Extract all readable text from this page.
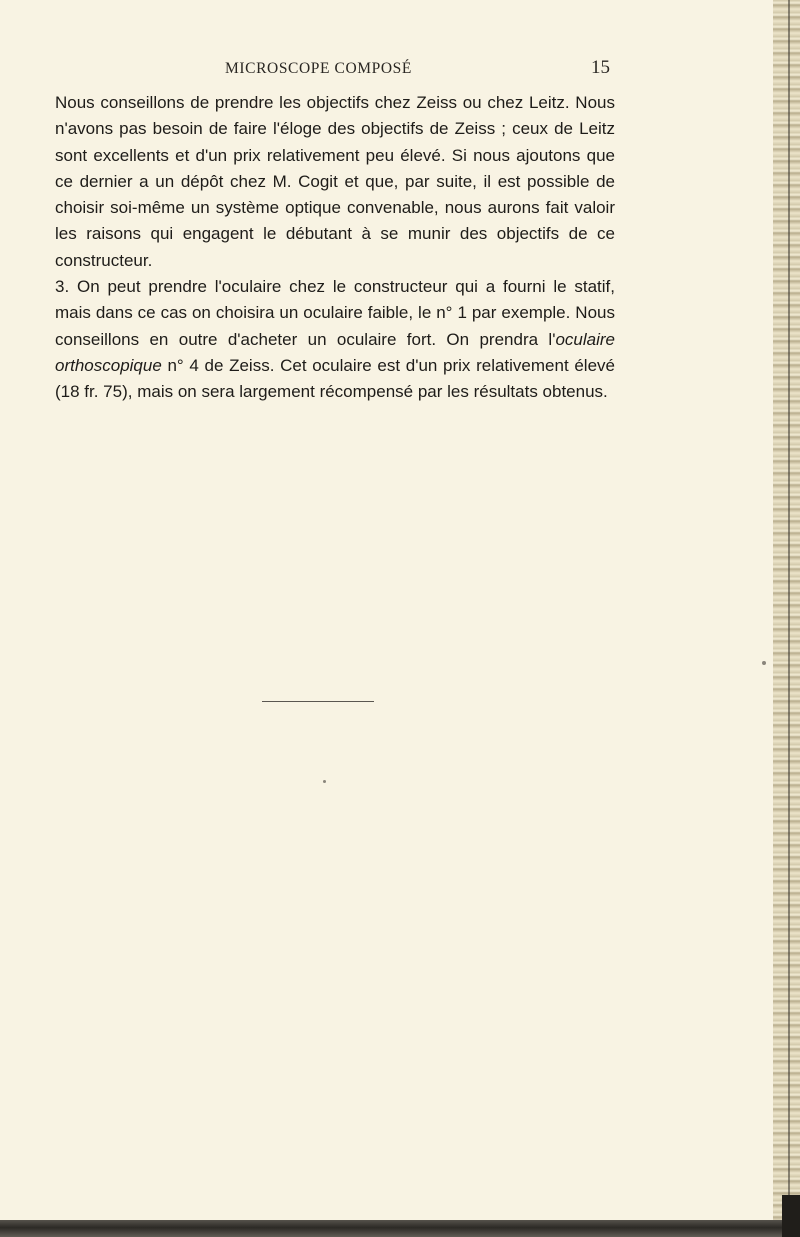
MICROSCOPE COMPOSÉ	15

Nous conseillons de prendre les objectifs chez Zeiss ou chez Leitz. Nous n'avons pas besoin de faire l'éloge des objectifs de Zeiss ; ceux de Leitz sont excellents et d'un prix relativement peu élevé. Si nous ajoutons que ce dernier a un dépôt chez M. Cogit et que, par suite, il est possible de choisir soi-même un système optique convenable, nous aurons fait valoir les raisons qui engagent le débutant à se munir des objectifs de ce constructeur.

3. On peut prendre l'oculaire chez le constructeur qui a fourni le statif, mais dans ce cas on choisira un oculaire faible, le n° 1 par exemple. Nous conseillons en outre d'acheter un oculaire fort. On prendra l'oculaire orthoscopique n° 4 de Zeiss. Cet oculaire est d'un prix relativement élevé (18 fr. 75), mais on sera largement récompensé par les résultats obtenus.
